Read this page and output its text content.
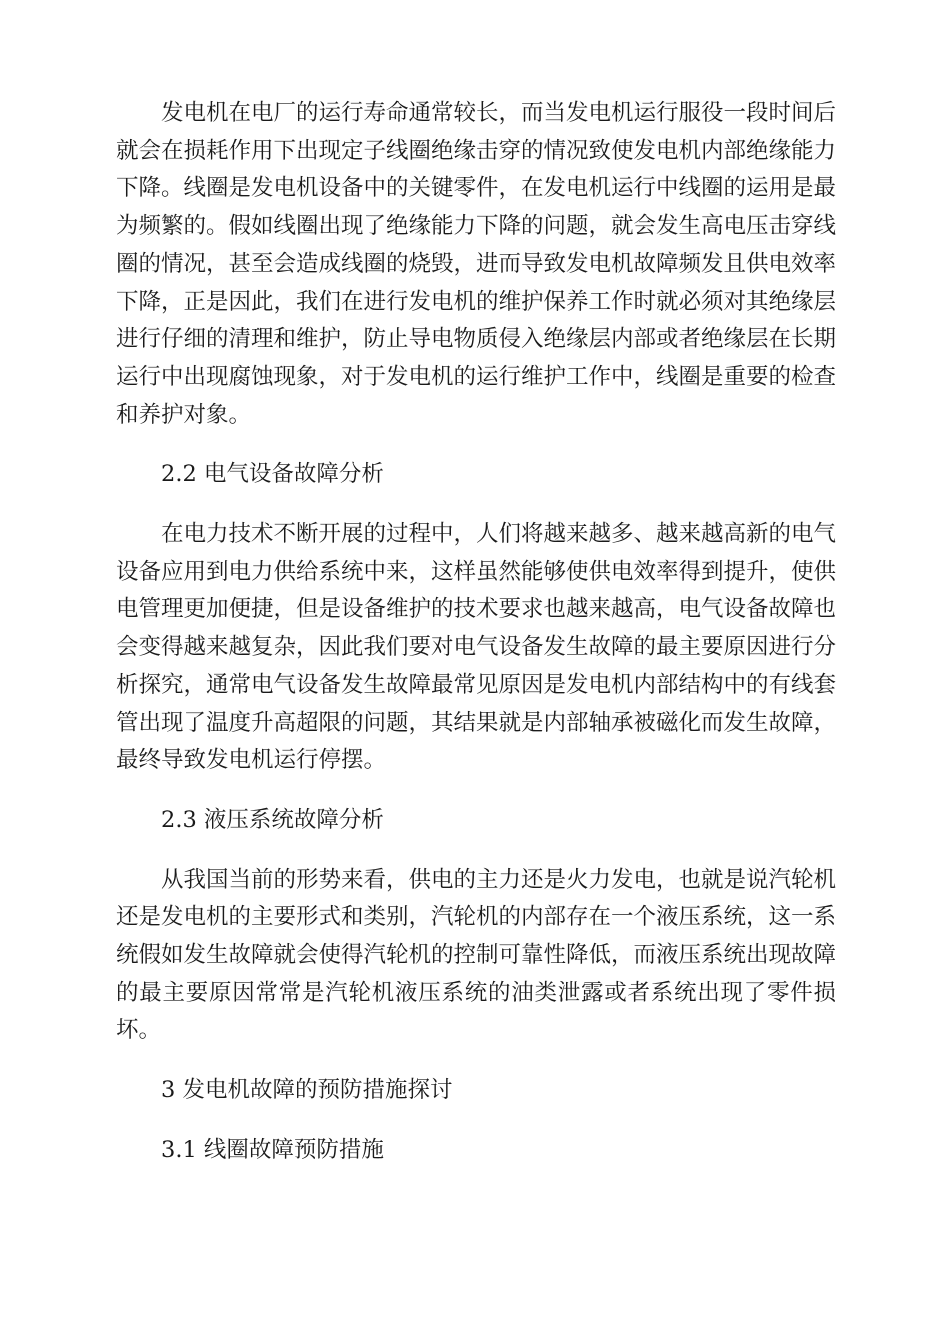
发电机在电厂的运行寿命通常较长，而当发电机运行服役一段时间后就会在损耗作用下出现定子线圈绝缘击穿的情况致使发电机内部绝缘能力下降。线圈是发电机设备中的关键零件，在发电机运行中线圈的运用是最为频繁的。假如线圈出现了绝缘能力下降的问题，就会发生高电压击穿线圈的情况，甚至会造成线圈的烧毁，进而导致发电机故障频发且供电效率下降，正是因此，我们在进行发电机的维护保养工作时就必须对其绝缘层进行仔细的清理和维护，防止导电物质侵入绝缘层内部或者绝缘层在长期运行中出现腐蚀现象，对于发电机的运行维护工作中，线圈是重要的检查和养护对象。

2.2 电气设备故障分析

在电力技术不断开展的过程中，人们将越来越多、越来越高新的电气设备应用到电力供给系统中来，这样虽然能够使供电效率得到提升，使供电管理更加便捷，但是设备维护的技术要求也越来越高，电气设备故障也会变得越来越复杂，因此我们要对电气设备发生故障的最主要原因进行分析探究，通常电气设备发生故障最常见原因是发电机内部结构中的有线套管出现了温度升高超限的问题，其结果就是内部轴承被磁化而发生故障，最终导致发电机运行停摆。

2.3 液压系统故障分析

从我国当前的形势来看，供电的主力还是火力发电，也就是说汽轮机还是发电机的主要形式和类别，汽轮机的内部存在一个液压系统，这一系统假如发生故障就会使得汽轮机的控制可靠性降低，而液压系统出现故障的最主要原因常常是汽轮机液压系统的油类泄露或者系统出现了零件损坏。

3 发电机故障的预防措施探讨

3.1 线圈故障预防措施
